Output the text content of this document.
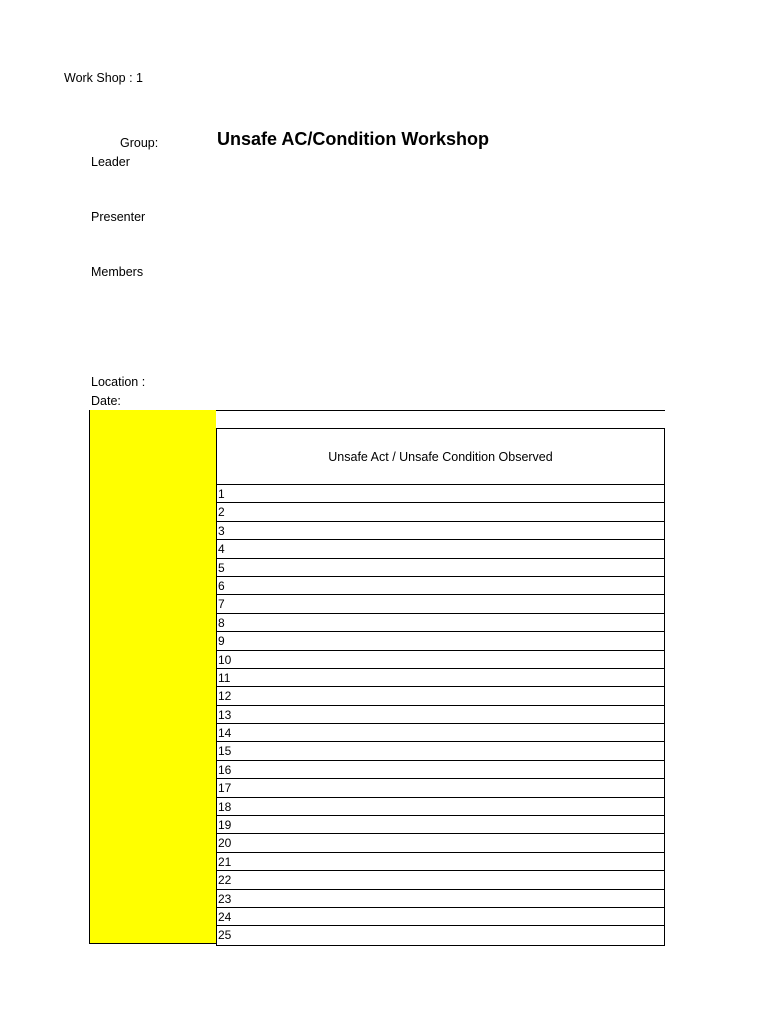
Work Shop : 1
Group:	Unsafe AC/Condition Workshop
Leader
Presenter
Members
Location :
Date:
Unsafe Act / Unsafe Condition Observed
1
2
3
4
5
6
7
8
9
10
11
12
13
14
15
16
17
18
19
20
21
22
23
24
25
